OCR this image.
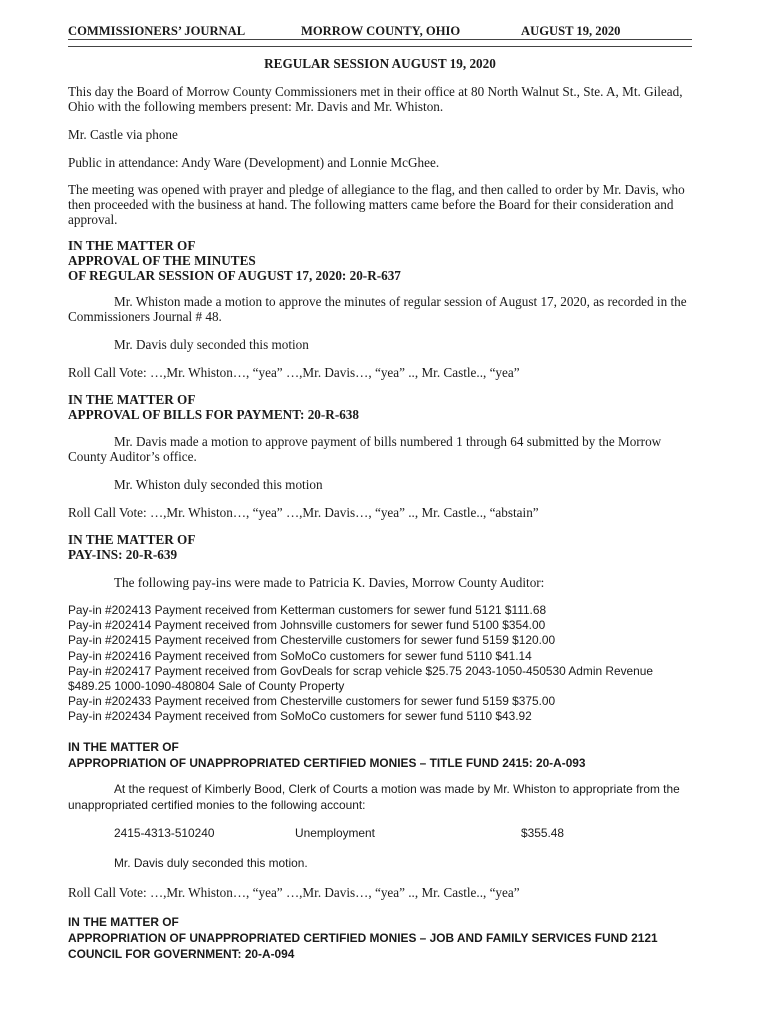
COMMISSIONERS’ JOURNAL	MORROW COUNTY, OHIO	AUGUST 19, 2020

REGULAR SESSION AUGUST 19, 2020

This day the Board of Morrow County Commissioners met in their office at 80 North Walnut St., Ste. A, Mt. Gilead, Ohio with the following members present: Mr. Davis and Mr. Whiston.

Mr. Castle via phone

Public in attendance: Andy Ware (Development) and Lonnie McGhee.

The meeting was opened with prayer and pledge of allegiance to the flag, and then called to order by Mr. Davis, who then proceeded with the business at hand. The following matters came before the Board for their consideration and approval.

IN THE MATTER OF
APPROVAL OF THE MINUTES
OF REGULAR SESSION OF AUGUST 17, 2020: 20-R-637

Mr. Whiston made a motion to approve the minutes of regular session of August 17, 2020, as recorded in the Commissioners Journal # 48.

Mr. Davis duly seconded this motion

Roll Call Vote: …,Mr. Whiston…, “yea” …,Mr. Davis…, “yea” .., Mr. Castle.., “yea”

IN THE MATTER OF
APPROVAL OF BILLS FOR PAYMENT: 20-R-638

Mr. Davis made a motion to approve payment of bills numbered 1 through 64 submitted by the Morrow County Auditor’s office.

Mr. Whiston duly seconded this motion

Roll Call Vote: …,Mr. Whiston…, “yea” …,Mr. Davis…, “yea” .., Mr. Castle.., “abstain”

IN THE MATTER OF
PAY-INS: 20-R-639

The following pay-ins were made to Patricia K. Davies, Morrow County Auditor:

Pay-in #202413 Payment received from Ketterman customers for sewer fund 5121 $111.68
Pay-in #202414 Payment received from Johnsville customers for sewer fund 5100 $354.00
Pay-in #202415 Payment received from Chesterville customers for sewer fund 5159 $120.00
Pay-in #202416 Payment received from SoMoCo customers for sewer fund 5110 $41.14
Pay-in #202417 Payment received from GovDeals for scrap vehicle $25.75 2043-1050-450530 Admin Revenue $489.25 1000-1090-480804 Sale of County Property
Pay-in #202433 Payment received from Chesterville customers for sewer fund 5159 $375.00
Pay-in #202434 Payment received from SoMoCo customers for sewer fund 5110 $43.92
IN THE MATTER OF
APPROPRIATION OF UNAPPROPRIATED CERTIFIED MONIES – TITLE FUND 2415: 20-A-093

At the request of Kimberly Bood, Clerk of Courts a motion was made by Mr. Whiston to appropriate from the unappropriated certified monies to the following account:

2415-4313-510240	Unemployment	$355.48

Mr. Davis duly seconded this motion.

Roll Call Vote: …,Mr. Whiston…, “yea” …,Mr. Davis…, “yea” .., Mr. Castle.., “yea”

IN THE MATTER OF
APPROPRIATION OF UNAPPROPRIATED CERTIFIED MONIES – JOB AND FAMILY SERVICES FUND 2121 COUNCIL FOR GOVERNMENT: 20-A-094
